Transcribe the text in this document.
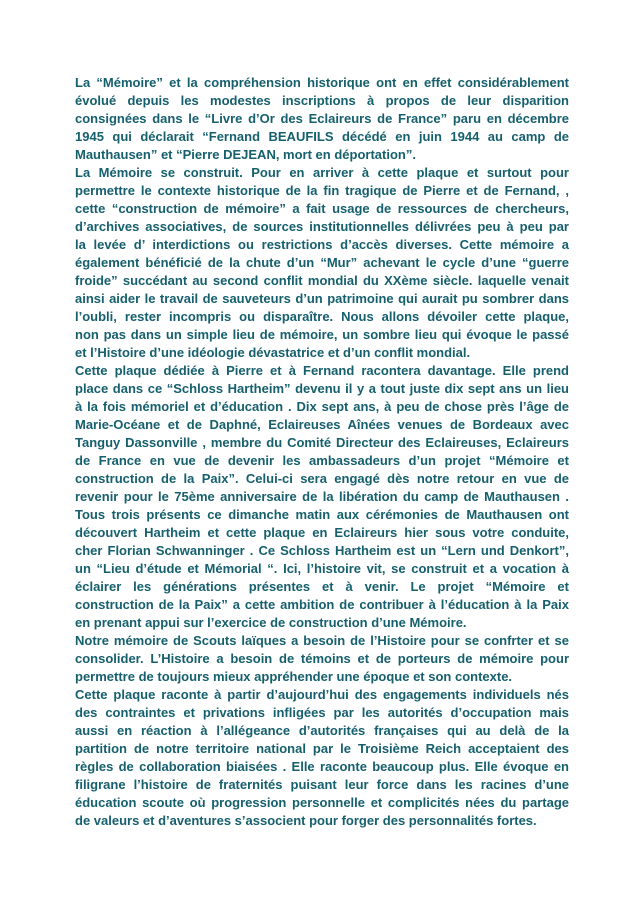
La “Mémoire” et la compréhension historique ont en effet considérablement
évolué depuis les modestes inscriptions à propos de leur disparition
consignées dans le “Livre d’Or des Eclaireurs de France” paru en décembre
1945 qui déclarait “Fernand BEAUFILS décédé en juin 1944 au camp de
Mauthausen” et “Pierre DEJEAN, mort en déportation”.
La Mémoire se construit. Pour en arriver à cette plaque et surtout pour
permettre le contexte historique de la fin tragique de Pierre et de Fernand, ,
cette “construction de mémoire” a fait usage de ressources de chercheurs,
d’archives associatives, de sources institutionnelles délivrées peu à peu par
la levée d’ interdictions ou restrictions d’accès diverses. Cette mémoire a
également bénéficié de la chute d’un “Mur” achevant le cycle d’une “guerre
froide” succédant au second conflit mondial du XXème siècle. laquelle venait
ainsi aider le travail de sauveteurs d’un patrimoine qui aurait pu sombrer dans
l’oubli, rester incompris ou disparaître. Nous allons dévoiler cette plaque,
non pas dans un simple lieu de mémoire, un sombre lieu qui évoque le passé
et l’Histoire d’une idéologie dévastatrice et d’un conflit mondial.
Cette plaque dédiée à Pierre et à Fernand racontera davantage. Elle prend
place dans ce “Schloss Hartheim” devenu il y a tout juste dix sept ans un lieu
à la fois mémoriel et d’éducation . Dix sept ans, à peu de chose près l’âge de
Marie-Océane et de Daphné, Eclaireuses Aînées venues de Bordeaux avec
Tanguy Dassonville , membre du Comité Directeur des Eclaireuses, Eclaireurs
de France en vue de devenir les ambassadeurs d’un projet “Mémoire et
construction de la Paix”. Celui-ci sera engagé dès notre retour en vue de
revenir pour le 75ème anniversaire de la libération du camp de Mauthausen .
Tous trois présents ce dimanche matin aux cérémonies de Mauthausen ont
découvert Hartheim et cette plaque en Eclaireurs hier sous votre conduite,
cher Florian Schwanninger . Ce Schloss Hartheim est un “Lern und Denkort”,
un “Lieu d’étude et Mémorial “. Ici, l’histoire vit, se construit et a vocation à
éclairer les générations présentes et à venir. Le projet “Mémoire et
construction de la Paix” a cette ambition de contribuer à l’éducation à la Paix
en prenant appui sur l’exercice de construction d’une Mémoire.
Notre mémoire de Scouts laïques a besoin de l’Histoire pour se confrter et se
consolider. L’Histoire a besoin de témoins et de porteurs de mémoire pour
permettre de toujours mieux appréhender une époque et son contexte.
Cette plaque raconte à partir d’aujourd’hui des engagements individuels nés
des contraintes et privations infligées par les autorités d’occupation mais
aussi en réaction à l’allégeance d’autorités françaises qui au delà de la
partition de notre territoire national par le Troisième Reich acceptaient des
règles de collaboration biaisées . Elle raconte beaucoup plus. Elle évoque en
filigrane l’histoire de fraternités puisant leur force dans les racines d’une
éducation scoute où progression personnelle et complicités nées du partage
de valeurs et d’aventures s’associent pour forger des personnalités fortes.
